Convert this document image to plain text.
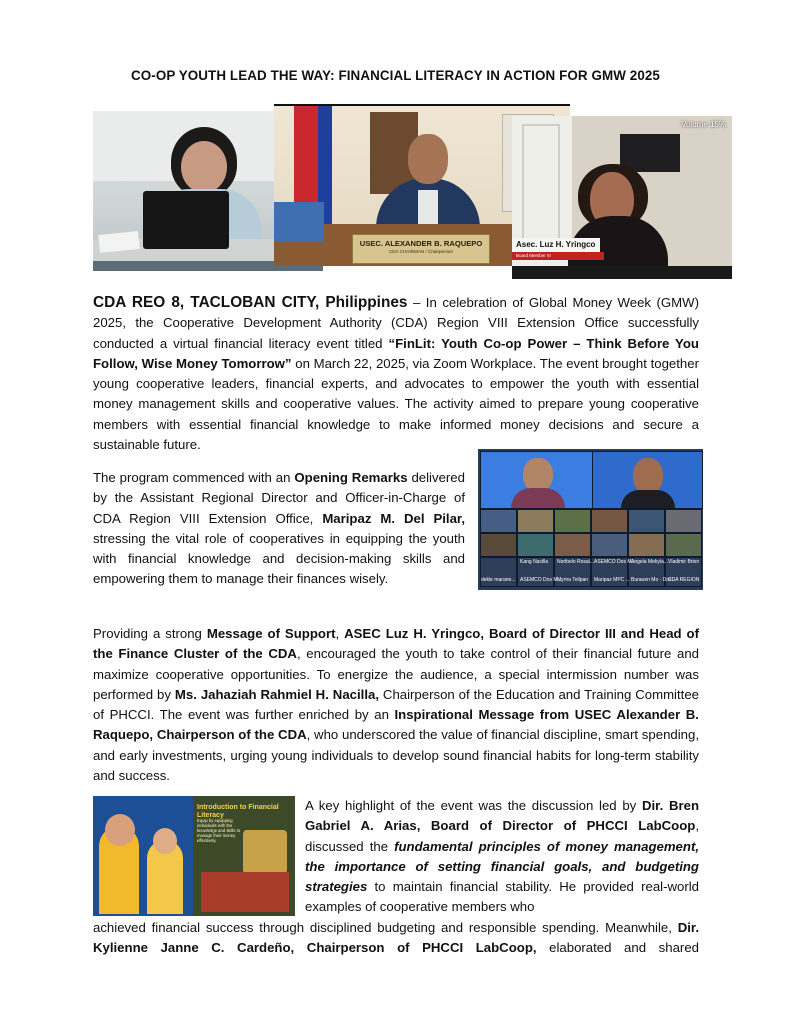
CO-OP YOUTH LEAD THE WAY: FINANCIAL LITERACY IN ACTION FOR GMW 2025
USEC. ALEXANDER B. RAQUEPO
CDA CHAIRMAN / Chairperson
Volume 15%
Asec. Luz H. Yringco
Board Member III

CDA REO 8, TACLOBAN CITY, Philippines – In celebration of Global Money Week (GMW) 2025, the Cooperative Development Authority (CDA) Region VIII Extension Office successfully conducted a virtual financial literacy event titled “FinLit: Youth Co-op Power – Think Before You Follow, Wise Money Tomorrow” on March 22, 2025, via Zoom Workplace. The event brought together young cooperative leaders, financial experts, and advocates to empower the youth with essential money management skills and cooperative values. The activity aimed to prepare young cooperative members with essential financial knowledge to make informed money decisions and secure a sustainable future.

Kang Nacilla Noribelo Rosal... ASEMCO Dos M...
Angela Mekyla... Vladimir Brion
dekle marane... ASEMCO Dos M...
Myrna Tellpan Maripaz MPC ... Burauen Mo - Dos...
CDA REGION

The program commenced with an Opening Remarks delivered by the Assistant Regional Director and Officer-in-Charge of CDA Region VIII Extension Office, Maripaz M. Del Pilar, stressing the vital role of cooperatives in equipping the youth with financial knowledge and decision-making skills and empowering them to manage their finances wisely.

Providing a strong Message of Support, ASEC Luz H. Yringco, Board of Director III and Head of the Finance Cluster of the CDA, encouraged the youth to take control of their financial future and maximize cooperative opportunities. To energize the audience, a special intermission number was performed by Ms. Jahaziah Rahmiel H. Nacilla, Chairperson of the Education and Training Committee of PHCCI. The event was further enriched by an Inspirational Message from USEC Alexander B. Raquepo, Chairperson of the CDA, who underscored the value of financial discipline, smart spending, and early investments, urging young individuals to develop sound financial habits for long-term stability and success.

Introduction to Financial Literacy
Equip by equipping individuals with the knowledge and skills to manage their money effectively.

A key highlight of the event was the discussion led by Dir. Bren Gabriel A. Arias, Board of Director of PHCCI LabCoop, discussed the fundamental principles of money management, the importance of setting financial goals, and budgeting strategies to maintain financial stability. He provided real-world examples of cooperative members who

achieved financial success through disciplined budgeting and responsible spending. Meanwhile, Dir. Kylienne Janne C. Cardeño, Chairperson of PHCCI LabCoop, elaborated and shared
